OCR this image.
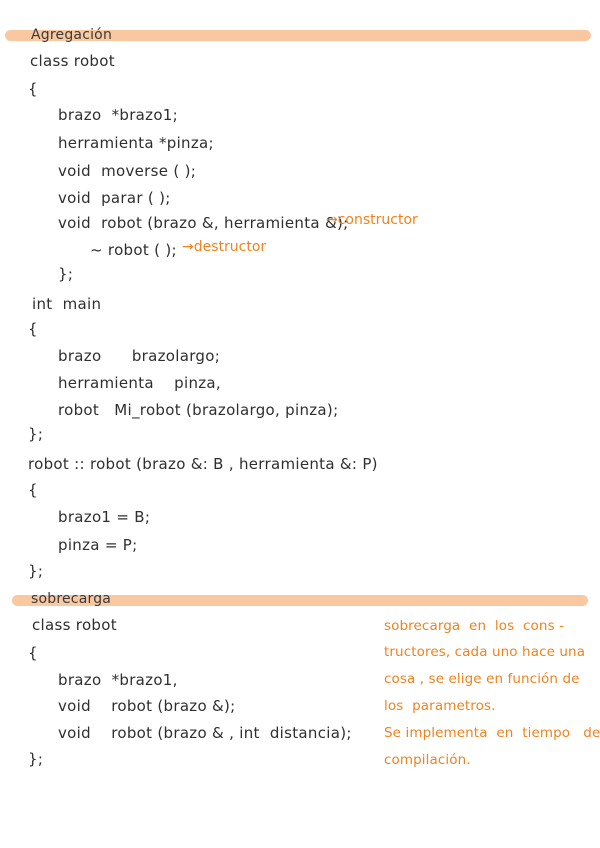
Agregación
class robot
{
brazo  *brazo1;
herramienta *pinza;
void  moverse ( );
void  parar ( );
void  robot (brazo &, herramienta &);
→constructor
~ robot ( ); →destructor
};
int  main
{
brazo      brazolargo;
herramienta    pinza,
robot   Mi_robot (brazolargo, pinza);
};
robot :: robot (brazo &: B , herramienta &: P)
{
brazo1 = B;
pinza = P;
};
sobrecarga
class robot
{
brazo  *brazo1,
void    robot (brazo &);
void    robot (brazo & , int  distancia);
};
sobrecarga  en  los  cons -
tructores, cada uno hace una
cosa , se elige en función de
los  parametros.
Se implementa  en  tiempo   de
compilación.
